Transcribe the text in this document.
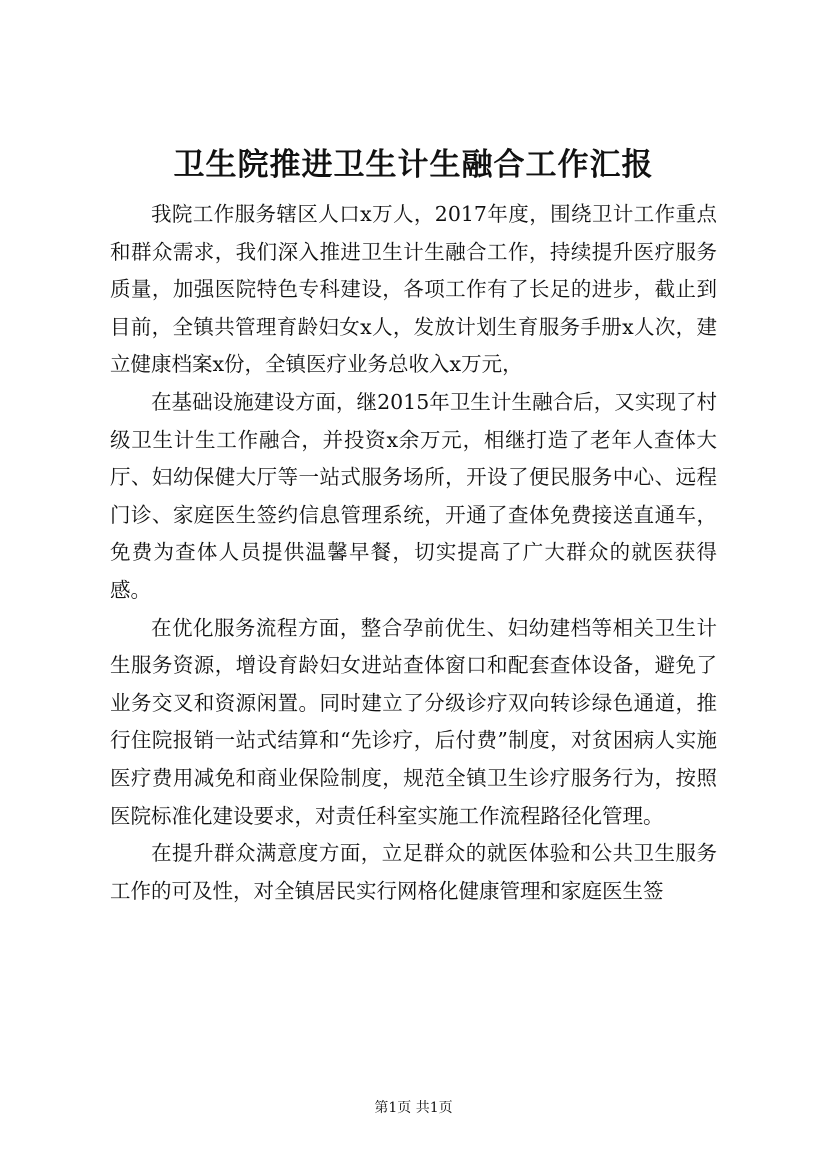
卫生院推进卫生计生融合工作汇报

我院工作服务辖区人口x万人，2017年度，围绕卫计工作重点和群众需求，我们深入推进卫生计生融合工作，持续提升医疗服务质量，加强医院特色专科建设，各项工作有了长足的进步，截止到目前，全镇共管理育龄妇女x人，发放计划生育服务手册x人次，建立健康档案x份，全镇医疗业务总收入x万元，

在基础设施建设方面，继2015年卫生计生融合后，又实现了村级卫生计生工作融合，并投资x余万元，相继打造了老年人查体大厅、妇幼保健大厅等一站式服务场所，开设了便民服务中心、远程门诊、家庭医生签约信息管理系统，开通了查体免费接送直通车，免费为查体人员提供温馨早餐，切实提高了广大群众的就医获得感。

在优化服务流程方面，整合孕前优生、妇幼建档等相关卫生计生服务资源，增设育龄妇女进站查体窗口和配套查体设备，避免了业务交叉和资源闲置。同时建立了分级诊疗双向转诊绿色通道，推行住院报销一站式结算和“先诊疗，后付费”制度，对贫困病人实施医疗费用减免和商业保险制度，规范全镇卫生诊疗服务行为，按照医院标准化建设要求，对责任科室实施工作流程路径化管理。

在提升群众满意度方面，立足群众的就医体验和公共卫生服务工作的可及性，对全镇居民实行网格化健康管理和家庭医生签

第1页 共1页
